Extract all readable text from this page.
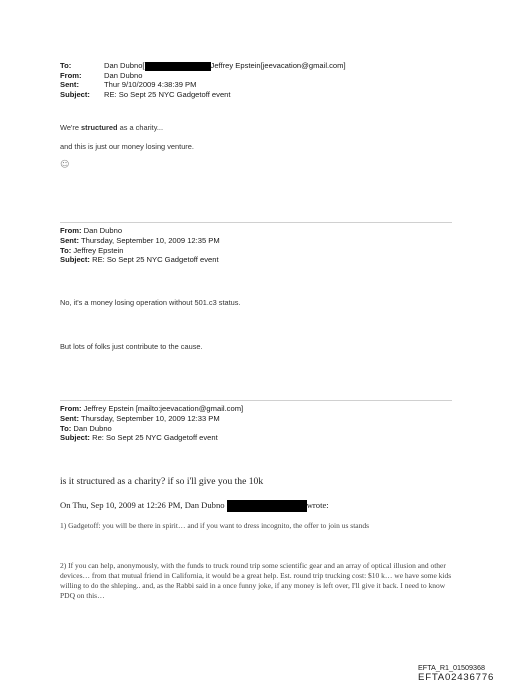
To:	Dan Dubno[	Jeffrey Epstein[jeevacation@gmail.com]
From:	Dan Dubno
Sent:	Thur 9/10/2009 4:38:39 PM
Subject: RE: So Sept 25 NYC Gadgetoff event
We're structured as a charity...
and this is just our money losing venture.
☺
From: Dan Dubno
Sent: Thursday, September 10, 2009 12:35 PM
To: Jeffrey Epstein
Subject: RE: So Sept 25 NYC Gadgetoff event
No, it's a money losing operation without 501.c3 status.
But lots of folks just contribute to the cause.
From: Jeffrey Epstein [mailto:jeevacation@gmail.com]
Sent: Thursday, September 10, 2009 12:33 PM
To: Dan Dubno
Subject: Re: So Sept 25 NYC Gadgetoff event
is it structured as a charity? if so i'll give you the 10k
On Thu, Sep 10, 2009 at 12:26 PM, Dan Dubno	wrote:
1) Gadgetoff: you will be there in spirit… and if you want to dress incognito, the offer to join us stands
2) If you can help, anonymously, with the funds to truck round trip some scientific gear and an array of optical illusion and other devices… from that mutual friend in California, it would be a great help. Est. round trip trucking cost: $10 k… we have some kids willing to do the shleping.. and, as the Rabbi said in a once funny joke, if any money is left over, I'll give it back. I need to know PDQ on this…
EFTA_R1_01509368
EFTA02436776
